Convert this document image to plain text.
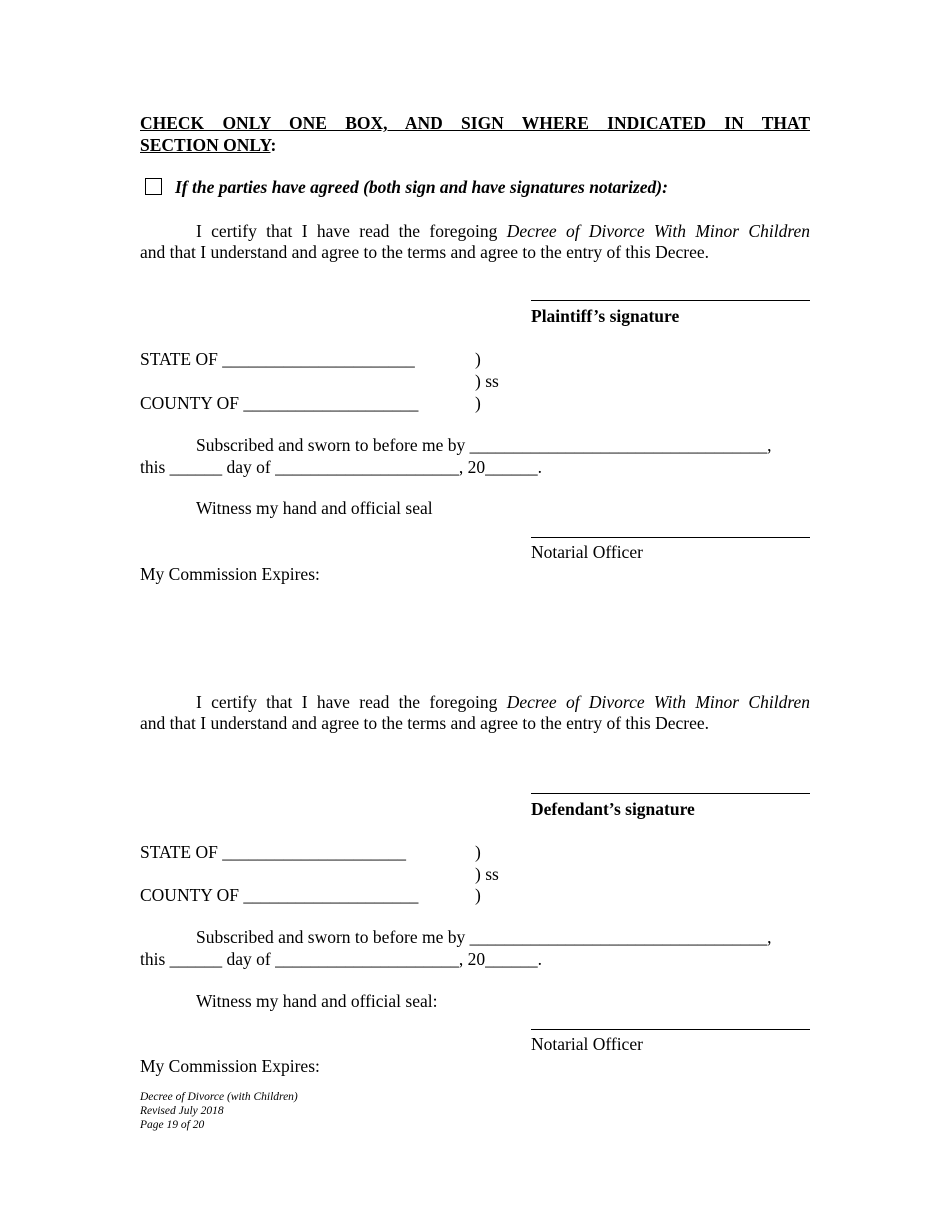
CHECK ONLY ONE BOX, AND SIGN WHERE INDICATED IN THAT
SECTION ONLY:
If the parties have agreed (both sign and have signatures notarized):
I certify that I have read the foregoing Decree of Divorce With Minor Children
and that I understand and agree to the terms and agree to the entry of this Decree.
Plaintiff’s signature
STATE OF ______________________	)
) ss
COUNTY OF ____________________	)
Subscribed and sworn to before me by __________________________________,
this ______ day of _____________________, 20______.
Witness my hand and official seal
Notarial Officer
My Commission Expires:
I certify that I have read the foregoing Decree of Divorce With Minor Children
and that I understand and agree to the terms and agree to the entry of this Decree.
Defendant’s signature
STATE OF _____________________	)
) ss
COUNTY OF ____________________	)
Subscribed and sworn to before me by __________________________________,
this ______ day of _____________________, 20______.
Witness my hand and official seal:
Notarial Officer
My Commission Expires:
Decree of Divorce (with Children)
Revised July 2018
Page 19 of 20
